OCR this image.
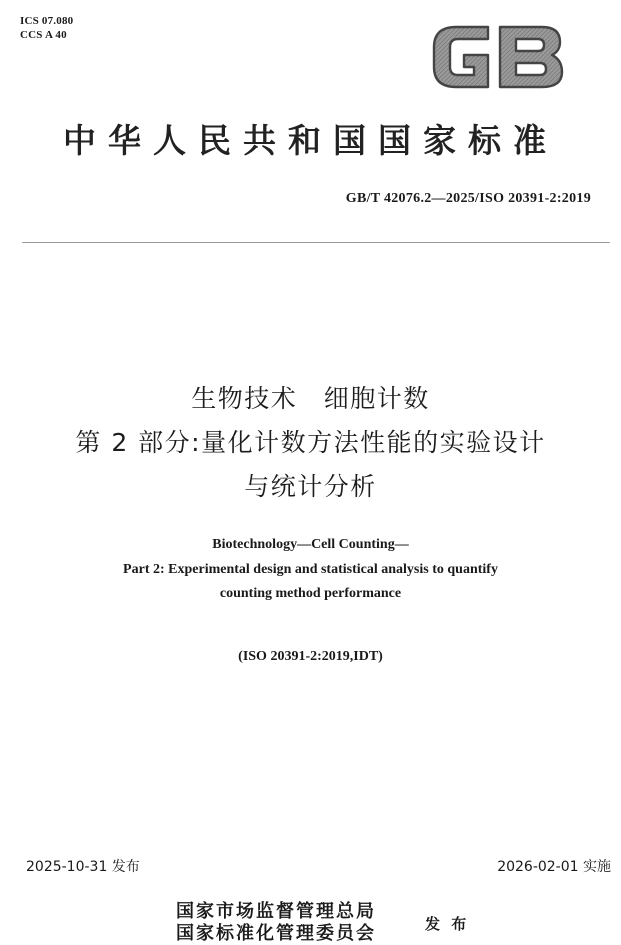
ICS 07.080
CCS A 40
中华人民共和国国家标准
GB/T 42076.2—2025/ISO 20391-2:2019
生物技术　细胞计数
第 2 部分:量化计数方法性能的实验设计
与统计分析
Biotechnology—Cell Counting—
Part 2: Experimental design and statistical analysis to quantify
counting method performance
(ISO 20391-2:2019,IDT)
2025-10-31 发布	2026-02-01 实施
国家市场监督管理总局
国家标准化管理委员会	发 布
